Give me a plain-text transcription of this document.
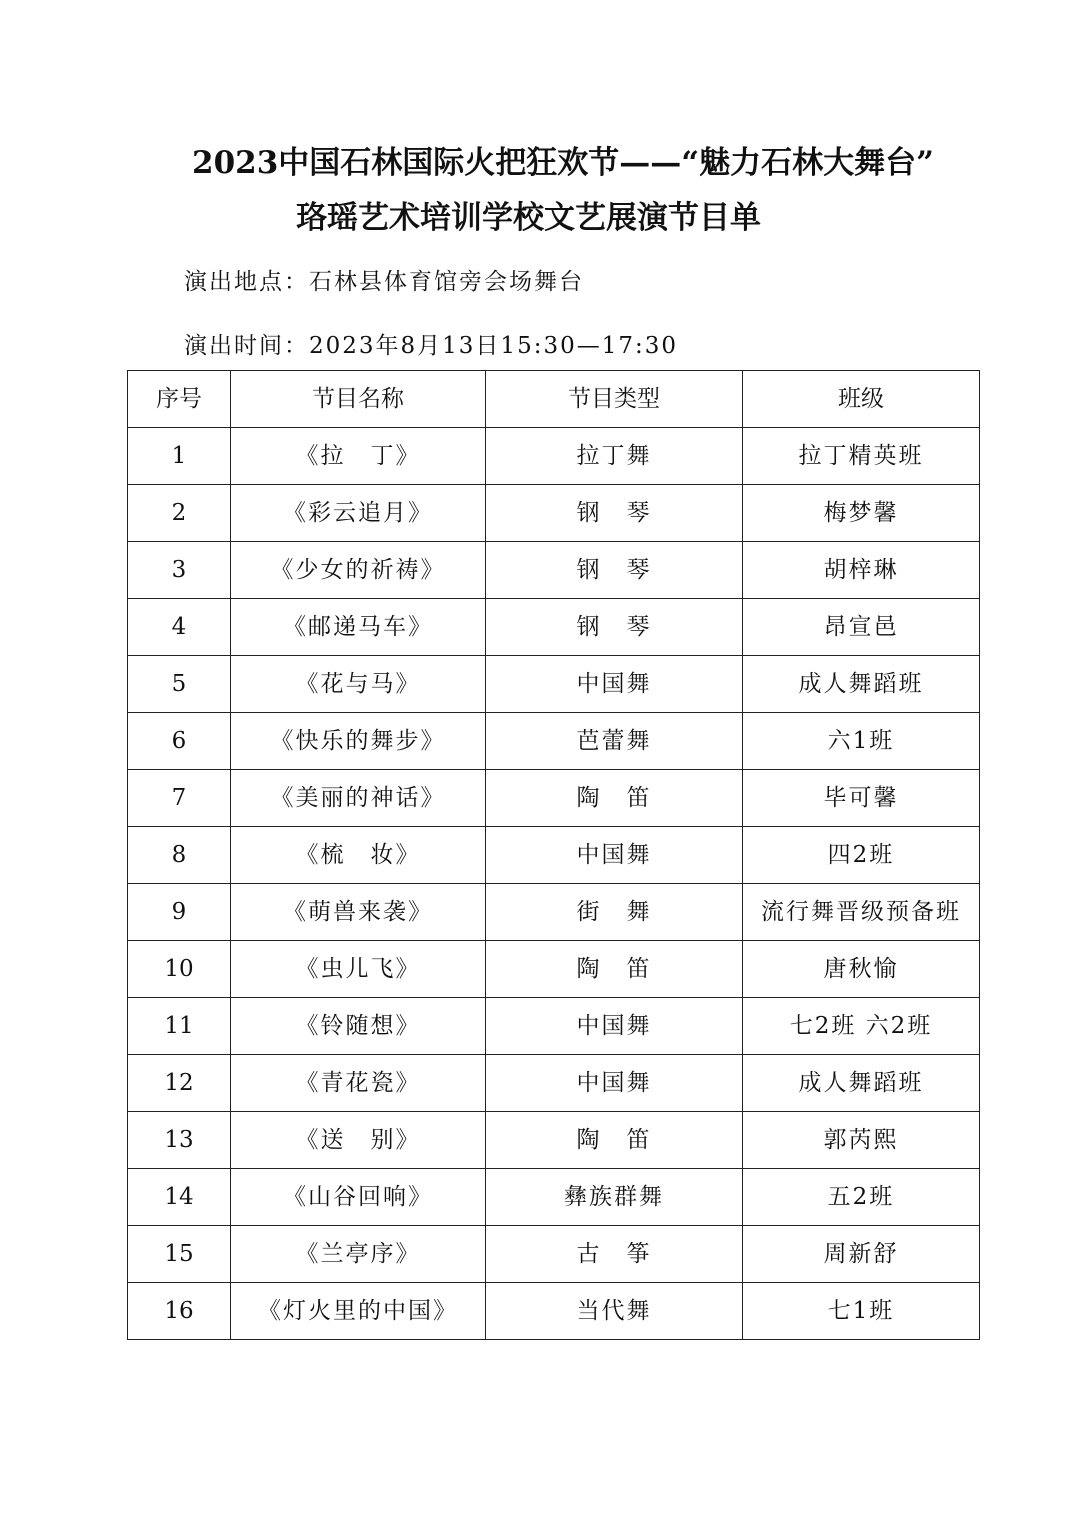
2023中国石林国际火把狂欢节——“魅力石林大舞台”
珞瑶艺术培训学校文艺展演节目单
演出地点：石林县体育馆旁会场舞台
演出时间：2023年8月13日15:30—17:30
序号	节目名称	节目类型	班级
1	《拉　丁》	拉丁舞	拉丁精英班
2	《彩云追月》	钢　琴	梅梦馨
3	《少女的祈祷》	钢　琴	胡梓琳
4	《邮递马车》	钢　琴	昂宣邑
5	《花与马》	中国舞	成人舞蹈班
6	《快乐的舞步》	芭蕾舞	六1班
7	《美丽的神话》	陶　笛	毕可馨
8	《梳　妆》	中国舞	四2班
9	《萌兽来袭》	街　舞	流行舞晋级预备班
10	《虫儿飞》	陶　笛	唐秋愉
11	《铃随想》	中国舞	七2班 六2班
12	《青花瓷》	中国舞	成人舞蹈班
13	《送　别》	陶　笛	郭芮熙
14	《山谷回响》	彝族群舞	五2班
15	《兰亭序》	古　筝	周新舒
16	《灯火里的中国》	当代舞	七1班
